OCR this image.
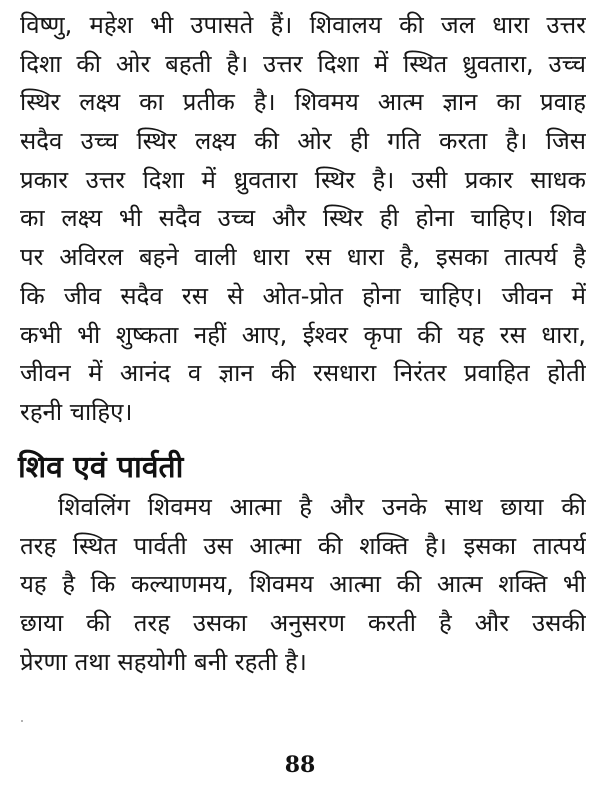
विष्णु, महेश भी उपासते हैं। शिवालय की जल धारा उत्तर
दिशा की ओर बहती है। उत्तर दिशा में स्थित ध्रुवतारा, उच्च
स्थिर लक्ष्य का प्रतीक है। शिवमय आत्म ज्ञान का प्रवाह
सदैव उच्च स्थिर लक्ष्य की ओर ही गति करता है। जिस
प्रकार उत्तर दिशा में ध्रुवतारा स्थिर है। उसी प्रकार साधक
का लक्ष्य भी सदैव उच्च और स्थिर ही होना चाहिए। शिव
पर अविरल बहने वाली धारा रस धारा है, इसका तात्पर्य है
कि जीव सदैव रस से ओत-प्रोत होना चाहिए। जीवन में
कभी भी शुष्कता नहीं आए, ईश्वर कृपा की यह रस धारा,
जीवन में आनंद व ज्ञान की रसधारा निरंतर प्रवाहित होती
रहनी चाहिए।
शिव एवं पार्वती
शिवलिंग शिवमय आत्मा है और उनके साथ छाया की
तरह स्थित पार्वती उस आत्मा की शक्ति है। इसका तात्पर्य
यह है कि कल्याणमय, शिवमय आत्मा की आत्म शक्ति भी
छाया की तरह उसका अनुसरण करती है और उसकी
प्रेरणा तथा सहयोगी बनी रहती है।
88
